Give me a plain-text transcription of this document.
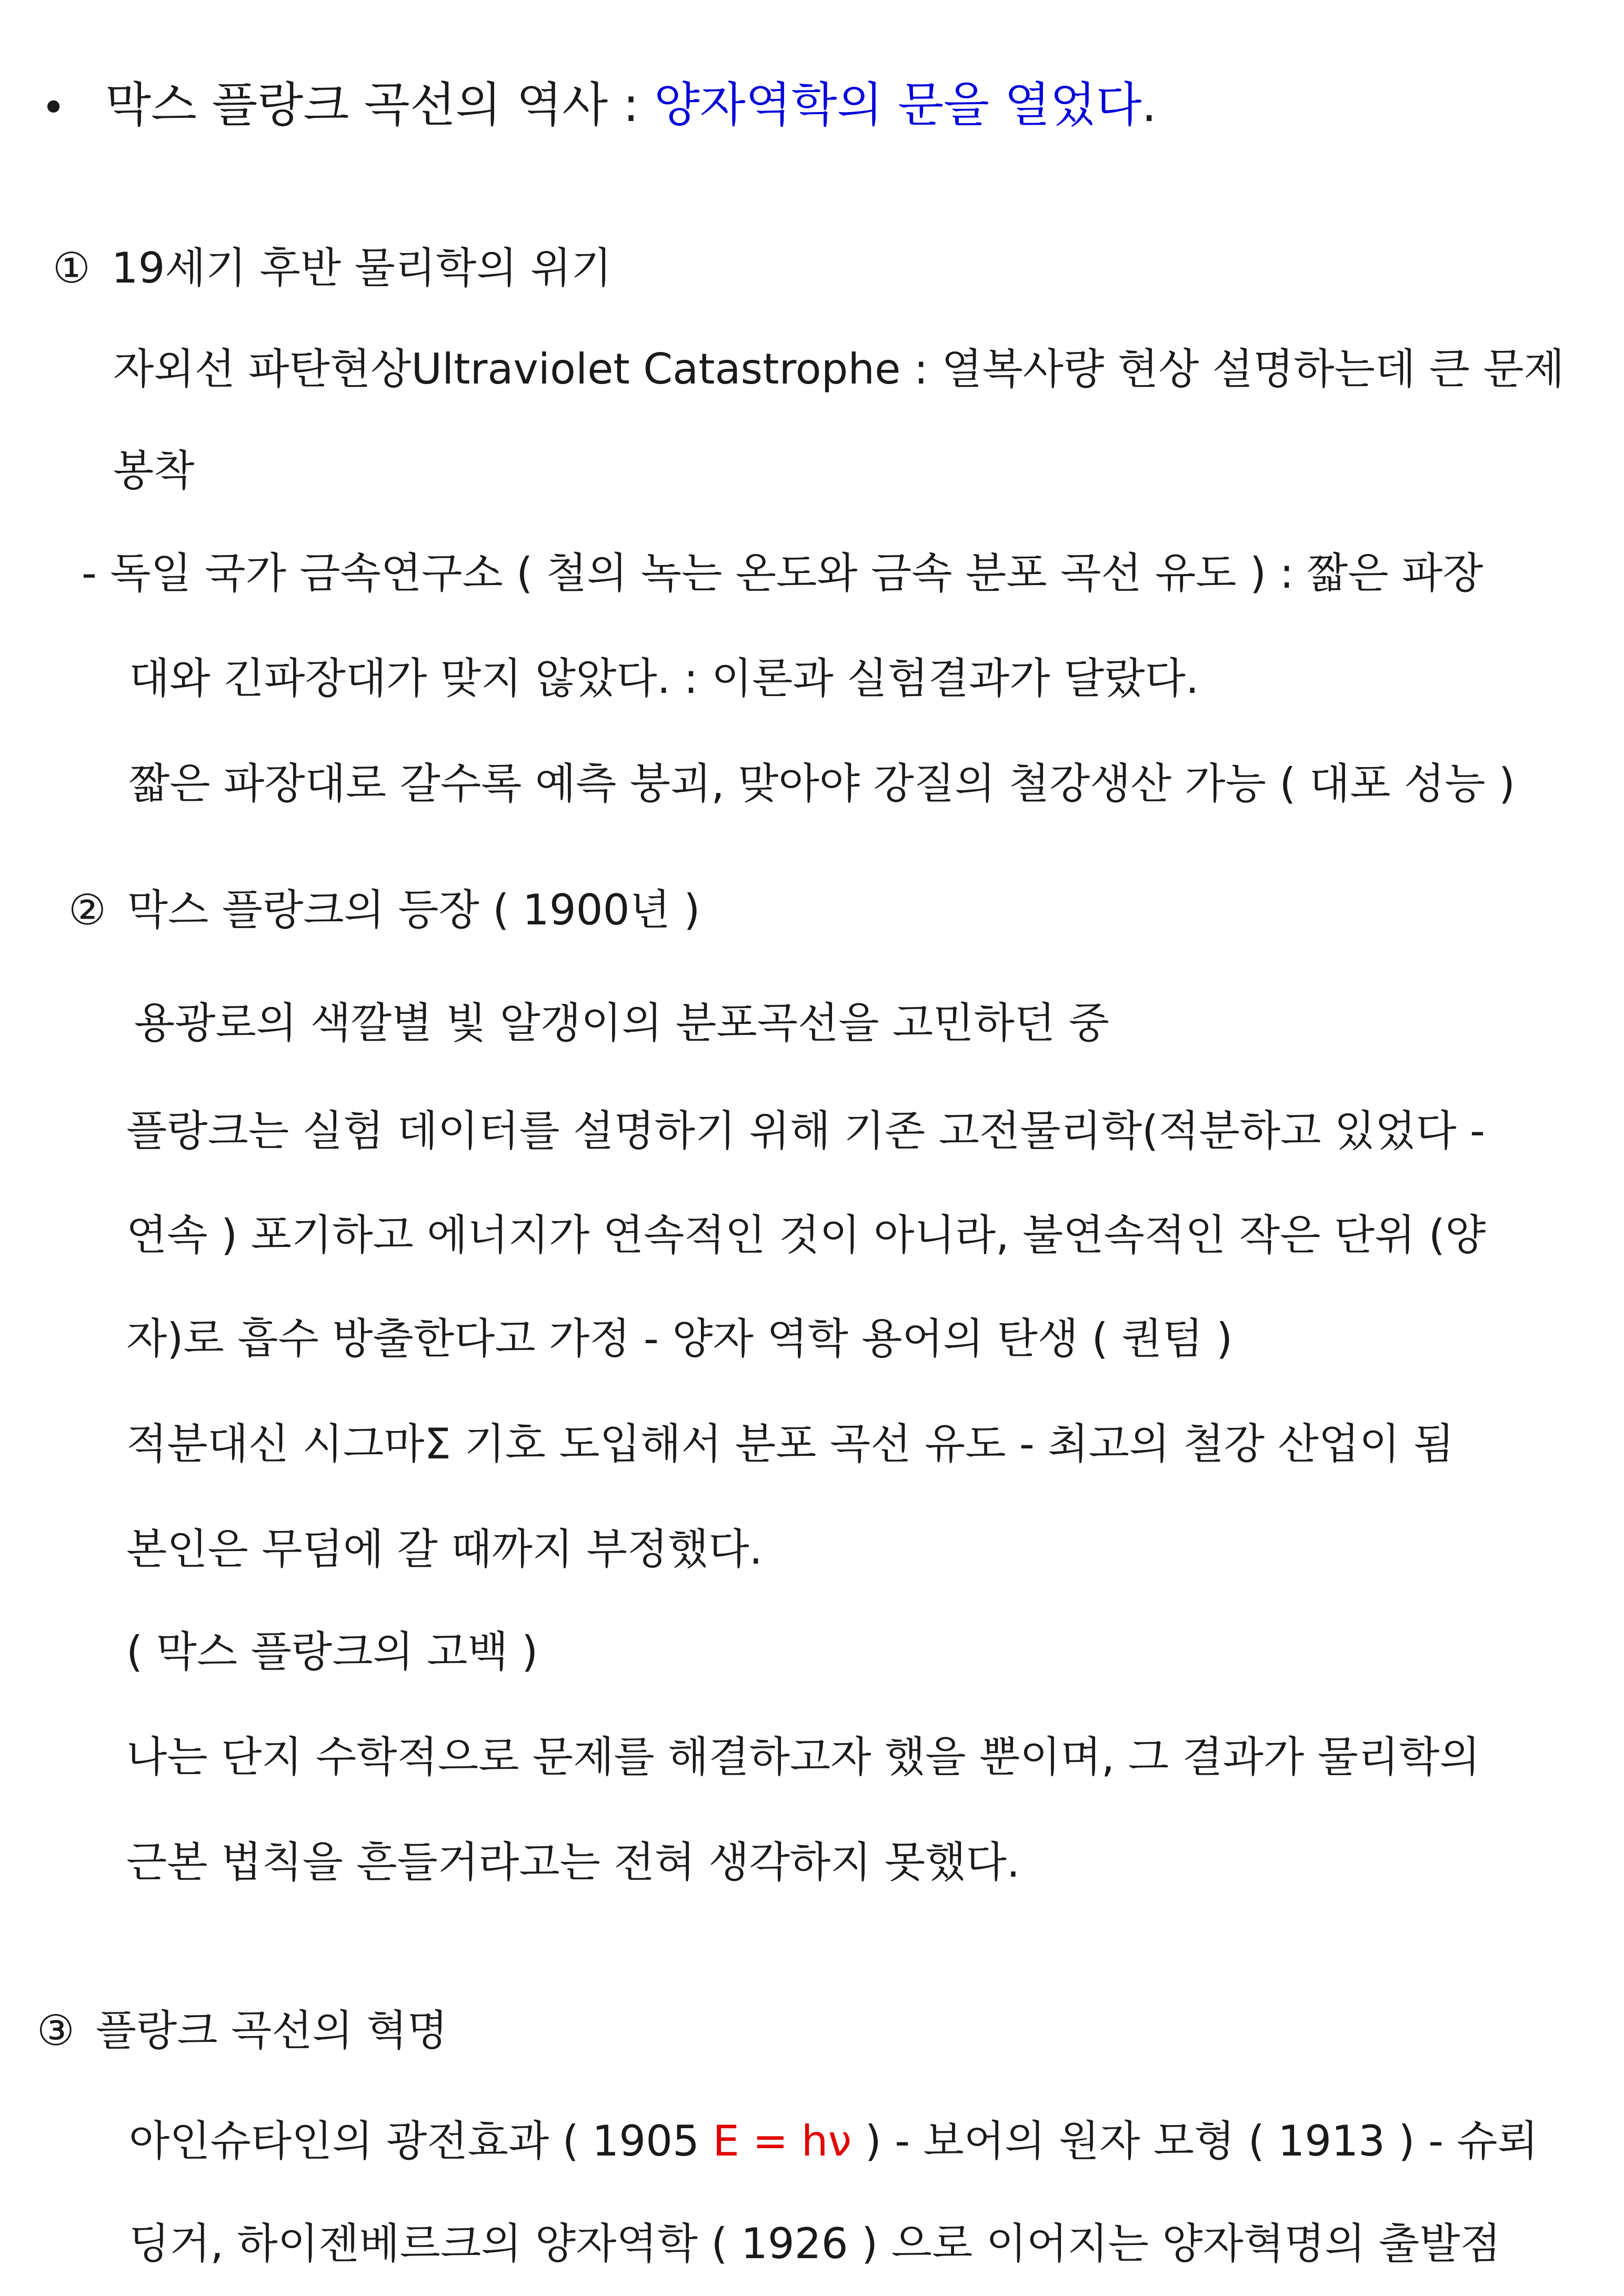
• 막스 플랑크 곡선의 역사 : 양자역학의 문을 열었다.

① 19세기 후반 물리학의 위기

자외선 파탄현상Ultraviolet Catastrophe : 열복사량 현상 설명하는데 큰 문제

봉착

- 독일 국가 금속연구소 ( 철의 녹는 온도와 금속 분포 곡선 유도 ) : 짧은 파장

대와 긴파장대가 맞지 않았다. : 이론과 실험결과가 달랐다.

짧은 파장대로 갈수록 예측 붕괴, 맞아야 강질의 철강생산 가능 ( 대포 성능 )

② 막스 플랑크의 등장 ( 1900년 )

용광로의 색깔별 빛 알갱이의 분포곡선을 고민하던 중

플랑크는 실험 데이터를 설명하기 위해 기존 고전물리학(적분하고 있었다 -

연속 ) 포기하고 에너지가 연속적인 것이 아니라, 불연속적인 작은 단위 (양

자)로 흡수 방출한다고 가정 - 양자 역학 용어의 탄생 ( 퀀텀 )

적분대신 시그마Σ 기호 도입해서 분포 곡선 유도 - 최고의 철강 산업이 됨

본인은 무덤에 갈 때까지 부정했다.

( 막스 플랑크의 고백 )

나는 단지 수학적으로 문제를 해결하고자 했을 뿐이며, 그 결과가 물리학의

근본 법칙을 흔들거라고는 전혀 생각하지 못했다.

③ 플랑크 곡선의 혁명

아인슈타인의 광전효과 ( 1905 E = hν ) - 보어의 원자 모형 ( 1913 ) - 슈뢰

딩거, 하이젠베르크의 양자역학 ( 1926 ) 으로 이어지는 양자혁명의 출발점
